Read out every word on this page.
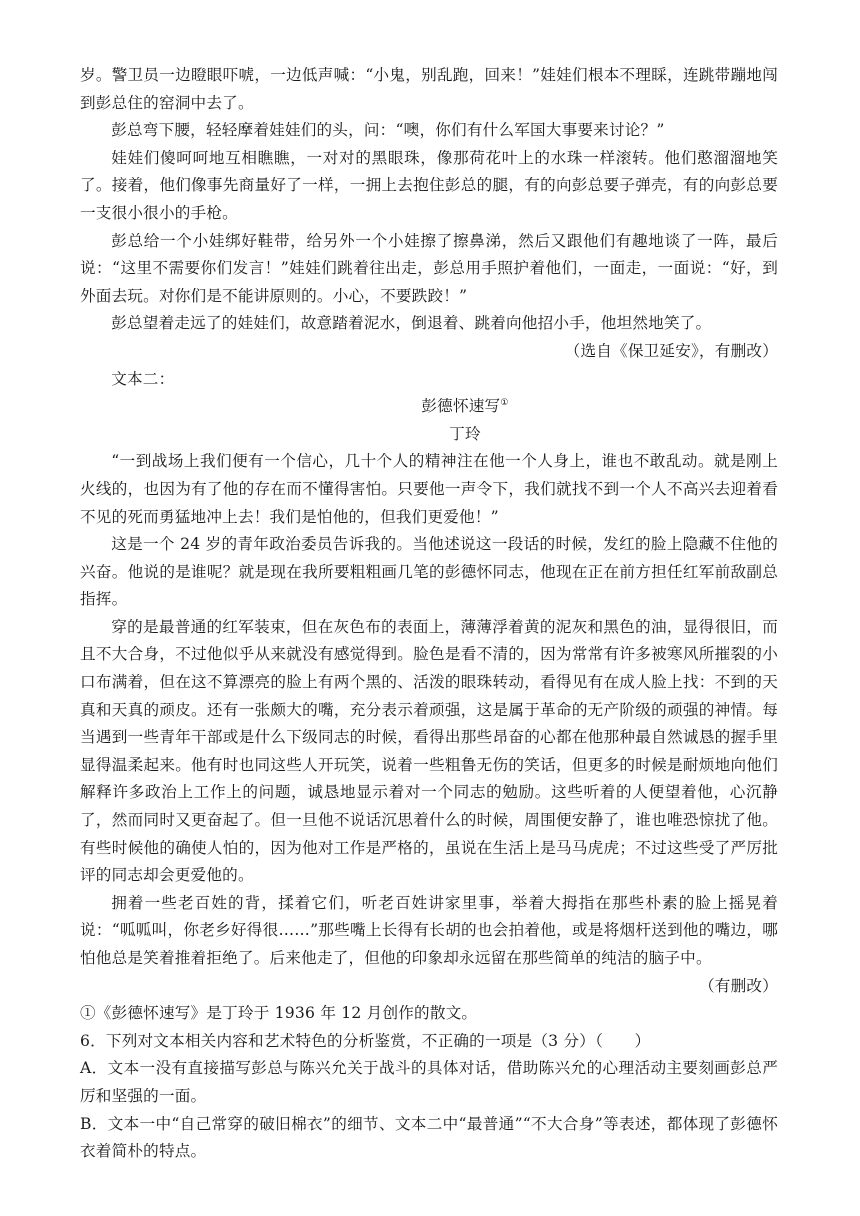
岁。警卫员一边瞪眼吓唬，一边低声喊：“小鬼，别乱跑，回来！”娃娃们根本不理睬，连跳带蹦地闯到彭总住的窑洞中去了。

彭总弯下腰，轻轻摩着娃娃们的头，问：“噢，你们有什么军国大事要来讨论？”

娃娃们傻呵呵地互相瞧瞧，一对对的黑眼珠，像那荷花叶上的水珠一样滚转。他们憨溜溜地笑了。接着，他们像事先商量好了一样，一拥上去抱住彭总的腿，有的向彭总要子弹壳，有的向彭总要一支很小很小的手枪。

彭总给一个小娃绑好鞋带，给另外一个小娃擦了擦鼻涕，然后又跟他们有趣地谈了一阵，最后说：“这里不需要你们发言！”娃娃们跳着往出走，彭总用手照护着他们，一面走，一面说：“好，到外面去玩。对你们是不能讲原则的。小心，不要跌跤！”

彭总望着走远了的娃娃们，故意踏着泥水，倒退着、跳着向他招小手，他坦然地笑了。

（选自《保卫延安》，有删改）

文本二：

彭德怀速写①

丁玲

“一到战场上我们便有一个信心，几十个人的精神注在他一个人身上，谁也不敢乱动。就是刚上火线的，也因为有了他的存在而不懂得害怕。只要他一声令下，我们就找不到一个人不高兴去迎着看不见的死而勇猛地冲上去！我们是怕他的，但我们更爱他！”

这是一个 24 岁的青年政治委员告诉我的。当他述说这一段话的时候，发红的脸上隐藏不住他的兴奋。他说的是谁呢？就是现在我所要粗粗画几笔的彭德怀同志，他现在正在前方担任红军前敌副总指挥。

穿的是最普通的红军装束，但在灰色布的表面上，薄薄浮着黄的泥灰和黑色的油，显得很旧，而且不大合身，不过他似乎从来就没有感觉得到。脸色是看不清的，因为常常有许多被寒风所摧裂的小口布满着，但在这不算漂亮的脸上有两个黑的、活泼的眼珠转动，看得见有在成人脸上找：不到的天真和天真的顽皮。还有一张颇大的嘴，充分表示着顽强，这是属于革命的无产阶级的顽强的神情。每当遇到一些青年干部或是什么下级同志的时候，看得出那些昂奋的心都在他那种最自然诚恳的握手里显得温柔起来。他有时也同这些人开玩笑，说着一些粗鲁无伤的笑话，但更多的时候是耐烦地向他们解释许多政治上工作上的问题，诚恳地显示着对一个同志的勉励。这些听着的人便望着他，心沉静了，然而同时又更奋起了。但一旦他不说话沉思着什么的时候，周围便安静了，谁也唯恐惊扰了他。有些时候他的确使人怕的，因为他对工作是严格的，虽说在生活上是马马虎虎；不过这些受了严厉批评的同志却会更爱他的。

拥着一些老百姓的背，揉着它们，听老百姓讲家里事，举着大拇指在那些朴素的脸上摇晃着说：“呱呱叫，你老乡好得很……”那些嘴上长得有长胡的也会拍着他，或是将烟杆送到他的嘴边，哪怕他总是笑着推着拒绝了。后来他走了，但他的印象却永远留在那些简单的纯洁的脑子中。

（有删改）

①《彭德怀速写》是丁玲于 1936 年 12 月创作的散文。

6．下列对文本相关内容和艺术特色的分析鉴赏，不正确的一项是（3 分）（　　）

A．文本一没有直接描写彭总与陈兴允关于战斗的具体对话，借助陈兴允的心理活动主要刻画彭总严厉和坚强的一面。

B．文本一中“自己常穿的破旧棉衣”的细节、文本二中“最普通”“不大合身”等表述，都体现了彭德怀衣着简朴的特点。
